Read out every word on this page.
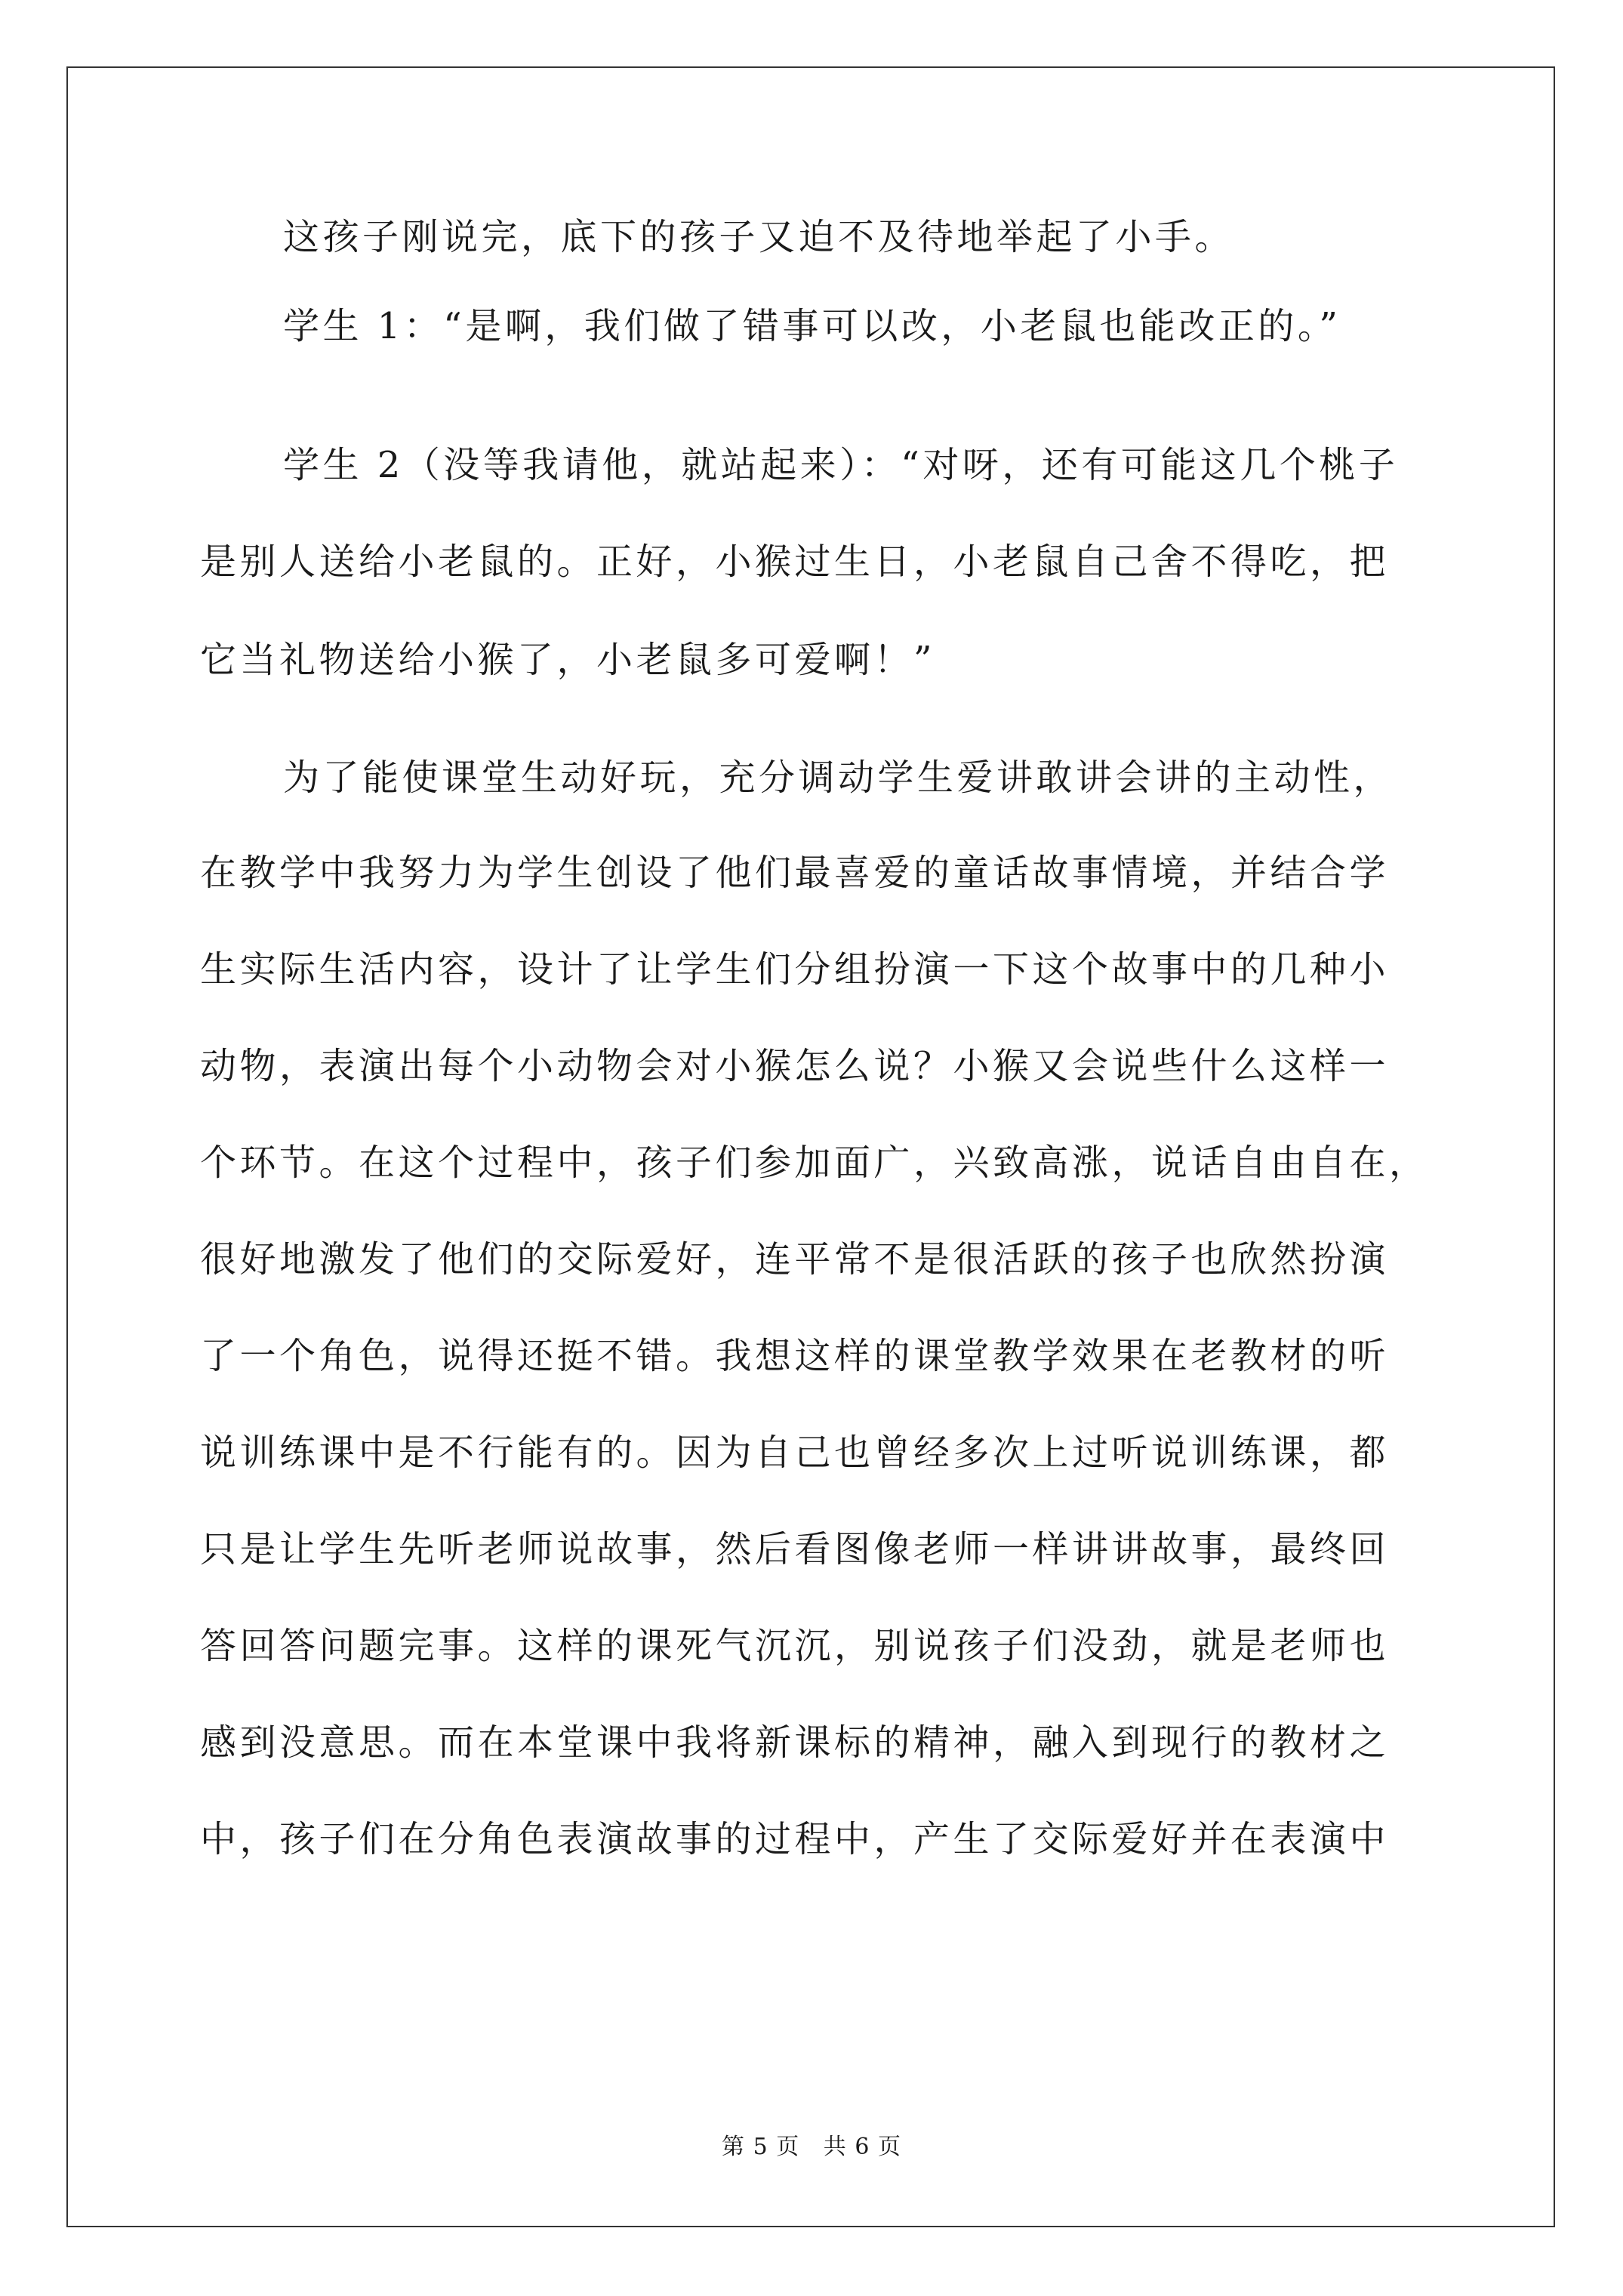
这孩子刚说完，底下的孩子又迫不及待地举起了小手。
学生 1：“是啊，我们做了错事可以改，小老鼠也能改正的。”
学生 2（没等我请他，就站起来）：“对呀，还有可能这几个桃子
是别人送给小老鼠的。正好，小猴过生日，小老鼠自己舍不得吃，把
它当礼物送给小猴了，小老鼠多可爱啊！”
为了能使课堂生动好玩，充分调动学生爱讲敢讲会讲的主动性，
在教学中我努力为学生创设了他们最喜爱的童话故事情境，并结合学
生实际生活内容，设计了让学生们分组扮演一下这个故事中的几种小
动物，表演出每个小动物会对小猴怎么说？小猴又会说些什么这样一
个环节。在这个过程中，孩子们参加面广，兴致高涨，说话自由自在，
很好地激发了他们的交际爱好，连平常不是很活跃的孩子也欣然扮演
了一个角色，说得还挺不错。我想这样的课堂教学效果在老教材的听
说训练课中是不行能有的。因为自己也曾经多次上过听说训练课，都
只是让学生先听老师说故事，然后看图像老师一样讲讲故事，最终回
答回答问题完事。这样的课死气沉沉，别说孩子们没劲，就是老师也
感到没意思。而在本堂课中我将新课标的精神，融入到现行的教材之
中，孩子们在分角色表演故事的过程中，产生了交际爱好并在表演中
第 5 页   共 6 页
